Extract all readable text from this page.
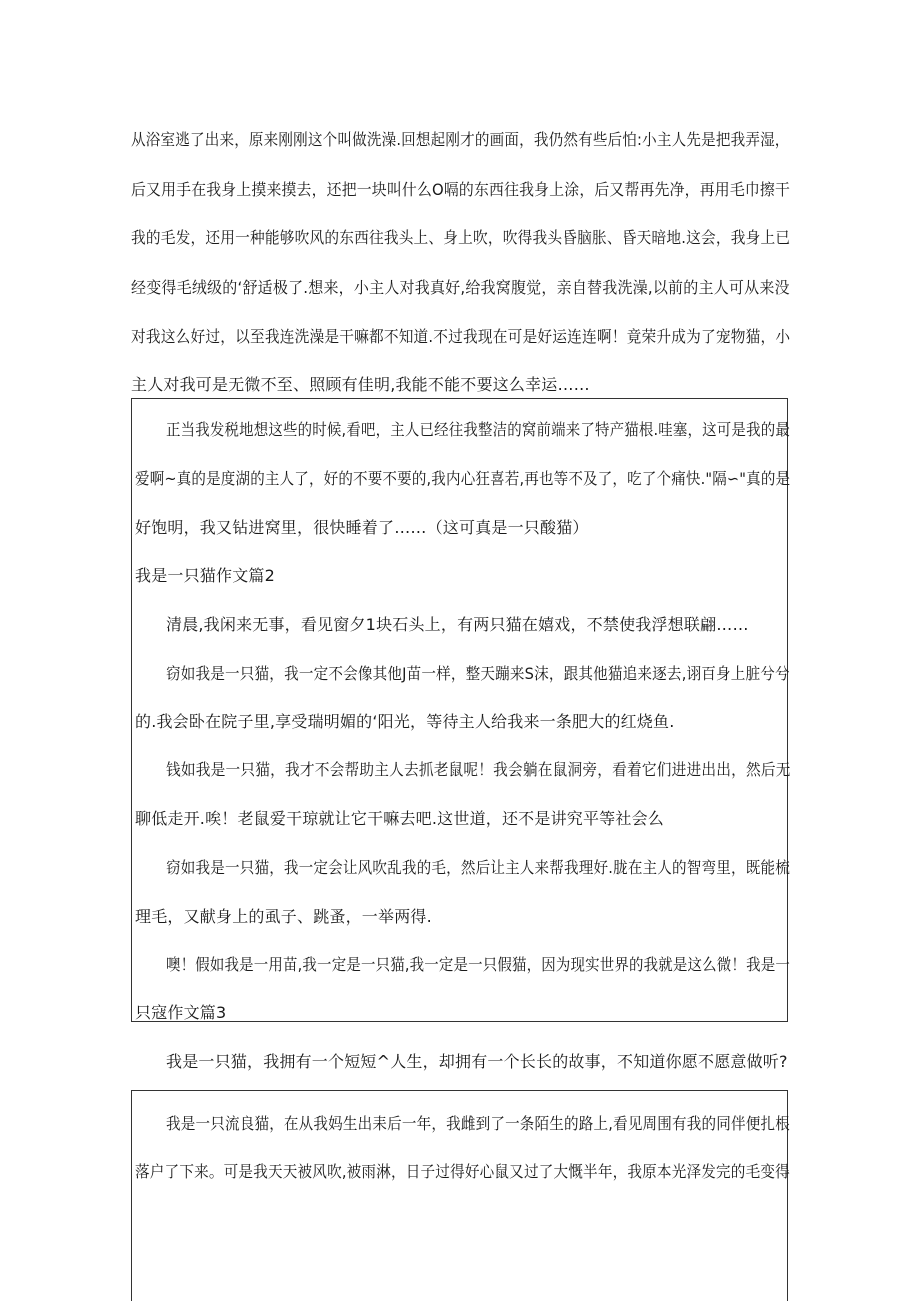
从浴室逃了出来，原来刚刚这个叫做洗澡.回想起刚才的画面，我仍然有些后怕:小主人先是把我弄湿，

后又用手在我身上摸来摸去，还把一块叫什么O嗝的东西往我身上涂，后又帮再先净，再用毛巾擦干

我的毛发，还用一种能够吹风的东西往我头上、身上吹，吹得我头昏脑胀、昏天暗地.这会，我身上已

经变得毛绒级的‘舒适极了.想来，小主人对我真好,给我窝腹觉，亲自替我洗澡,以前的主人可从来没

对我这么好过，以至我连洗澡是干嘛都不知道.不过我现在可是好运连连啊！竟荣升成为了宠物猫，小

主人对我可是无微不至、照顾有佳明,我能不能不要这么幸运……

正当我发税地想这些的时候,看吧，主人已经往我整洁的窝前端来了特产猫根.哇塞，这可是我的最

爱啊~真的是度湖的主人了，好的不要不要的,我内心狂喜若,再也等不及了，吃了个痛快."隔∽"真的是

好饱明，我又钻进窝里，很快睡着了……（这可真是一只酸猫）

我是一只猫作文篇2

清晨,我闲来无事，看见窗夕1块石头上，有两只猫在嬉戏，不禁使我浮想联翩……

窃如我是一只猫，我一定不会像其他J苗一样，整天蹦来S沫，跟其他猫追来逐去,诩百身上脏兮兮

的.我会卧在院子里,享受瑞明媚的‘阳光，等待主人给我来一条肥大的红烧鱼.

钱如我是一只猫，我才不会帮助主人去抓老鼠呢！我会躺在鼠洞旁，看着它们进进出出，然后无

聊低走开.唉！老鼠爱干琼就让它干嘛去吧.这世道，还不是讲究平等社会么

窃如我是一只猫，我一定会让风吹乱我的毛，然后让主人来帮我理好.胧在主人的智弯里，既能梳

理毛，又献身上的虱子、跳蚤，一举两得.

噢！假如我是一用苗,我一定是一只猫,我一定是一只假猫，因为现实世界的我就是这么微！我是一

只寇作文篇3

我是一只猫，我拥有一个短短^人生，却拥有一个长长的故事，不知道你愿不愿意做听?

我是一只流良猫，在从我妈生出耒后一年，我雌到了一条陌生的路上,看见周围有我的同伴便扎根

落户了下来。可是我天天被风吹,被雨淋，日子过得好心鼠又过了大慨半年，我原本光泽发完的毛变得
